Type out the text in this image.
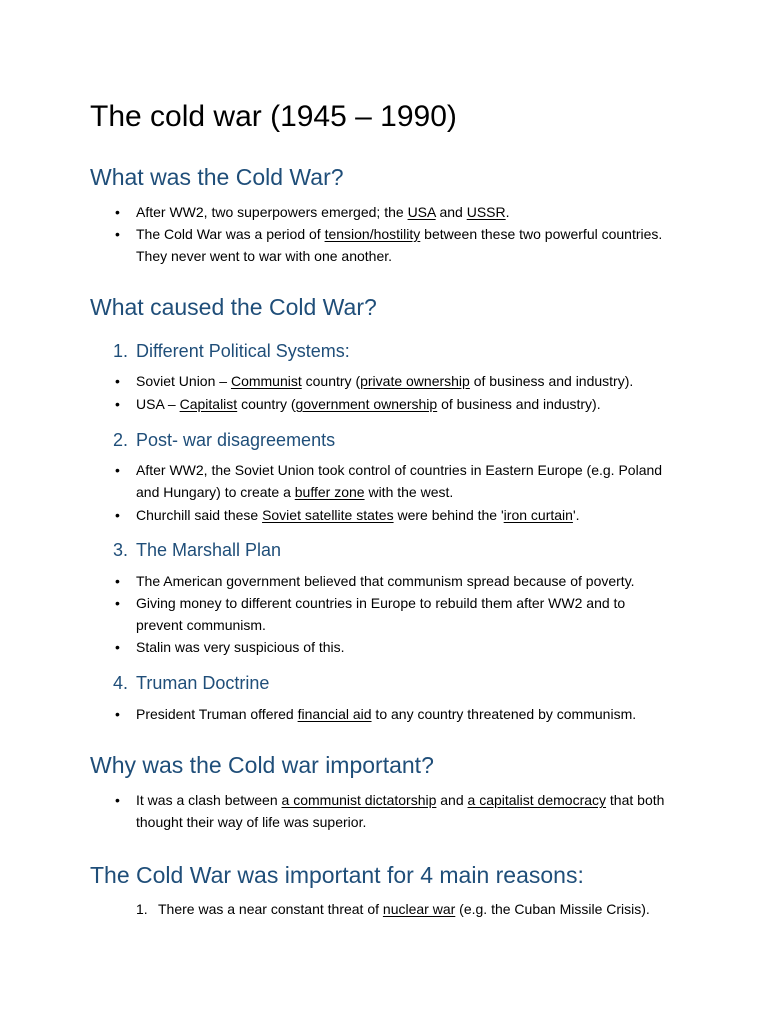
The cold war (1945 – 1990)
What was the Cold War?
• After WW2, two superpowers emerged; the USA and USSR.
• The Cold War was a period of tension/hostility between these two powerful countries.
They never went to war with one another.
What caused the Cold War?
1. Different Political Systems:
• Soviet Union – Communist country (private ownership of business and industry).
• USA – Capitalist country (government ownership of business and industry).
2. Post- war disagreements
• After WW2, the Soviet Union took control of countries in Eastern Europe (e.g. Poland
and Hungary) to create a buffer zone with the west.
• Churchill said these Soviet satellite states were behind the 'iron curtain'.
3. The Marshall Plan
• The American government believed that communism spread because of poverty.
• Giving money to different countries in Europe to rebuild them after WW2 and to
prevent communism.
• Stalin was very suspicious of this.
4. Truman Doctrine
• President Truman offered financial aid to any country threatened by communism.
Why was the Cold war important?
• It was a clash between a communist dictatorship and a capitalist democracy that both
thought their way of life was superior.
The Cold War was important for 4 main reasons:
1. There was a near constant threat of nuclear war (e.g. the Cuban Missile Crisis).
